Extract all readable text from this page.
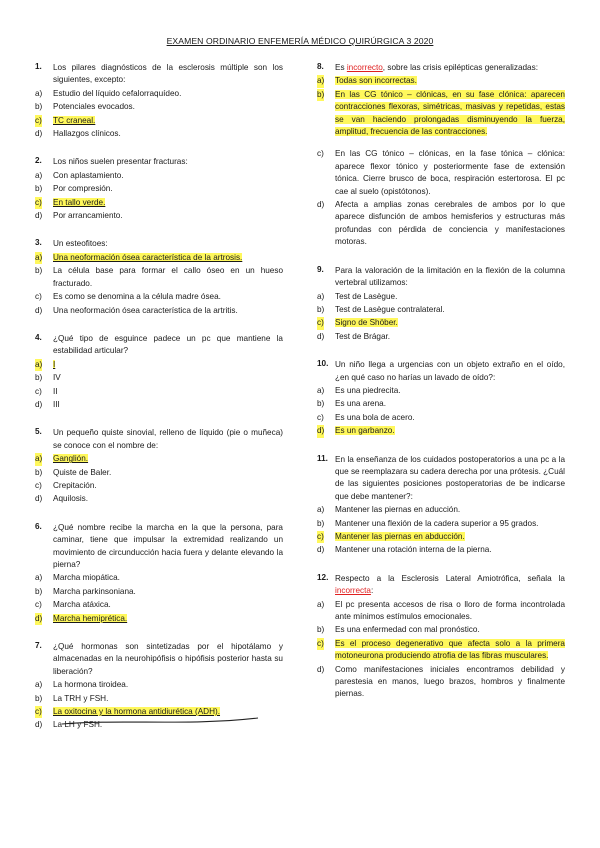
EXAMEN ORDINARIO ENFEMERÍA MÉDICO QUIRÚRGICA 3 2020
1. Los pilares diagnósticos de la esclerosis múltiple son los siguientes, excepto:
a) Estudio del líquido cefalorraquídeo.
b) Potenciales evocados.
c) TC craneal.
d) Hallazgos clínicos.
2. Los niños suelen presentar fracturas:
a) Con aplastamiento.
b) Por compresión.
c) En tallo verde.
d) Por arrancamiento.
3. Un esteofitoes:
a) Una neoformación ósea característica de la artrosis.
b) La célula base para formar el callo óseo en un hueso fracturado.
c) Es como se denomina a la célula madre ósea.
d) Una neoformación ósea característica de la artritis.
4. ¿Qué tipo de esguince padece un pc que mantiene la estabilidad articular?
a) I
b) IV
c) II
d) III
5. Un pequeño quiste sinovial, relleno de líquido (pie o muñeca) se conoce con el nombre de:
a) Ganglión.
b) Quiste de Baler.
c) Crepitación.
d) Aquilosis.
6. ¿Qué nombre recibe la marcha en la que la persona, para caminar, tiene que impulsar la extremidad realizando un movimiento de circunducción hacia fuera y delante elevando la pierna?
a) Marcha miopática.
b) Marcha parkinsoniana.
c) Marcha atáxica.
d) Marcha hemiprética.
7. ¿Qué hormonas son sintetizadas por el hipotálamo y almacenadas en la neurohipófisis o hipófisis posterior hasta su liberación?
a) La hormona tiroidea.
b) La TRH y FSH.
c) La oxitocina y la hormona antidiurética (ADH).
d) La LH y FSH.
8. Es incorrecto, sobre las crisis epilépticas generalizadas:
a) Todas son incorrectas.
b) En las CG tónico – clónicas, en su fase clónica: aparecen contracciones flexoras, simétricas, masivas y repetidas, estas se van haciendo prolongadas disminuyendo la fuerza, amplitud, frecuencia de las contracciones.
c) En las CG tónico – clónicas, en la fase tónica – clónica: aparece flexor tónico y posteriormente fase de extensión tónica. Cierre brusco de boca, respiración estertorosa. El pc cae al suelo (opistótonos).
d) Afecta a amplias zonas cerebrales de ambos por lo que aparece disfunción de ambos hemisferios y estructuras más profundas con pérdida de conciencia y manifestaciones motoras.
9. Para la valoración de la limitación en la flexión de la columna vertebral utilizamos:
a) Test de Lasègue.
b) Test de Lasègue contralateral.
c) Signo de Shöber.
d) Test de Brágar.
10. Un niño llega a urgencias con un objeto extraño en el oído, ¿en qué caso no harías un lavado de oído?:
a) Es una piedrecita.
b) Es una arena.
c) Es una bola de acero.
d) Es un garbanzo.
11. En la enseñanza de los cuidados postoperatorios a una pc a la que se reemplazara su cadera derecha por una prótesis. ¿Cuál de las siguientes posiciones postoperatorias de be indicarse que debe mantener?:
a) Mantener las piernas en aducción.
b) Mantener una flexión de la cadera superior a 95 grados.
c) Mantener las piernas en abducción.
d) Mantener una rotación interna de la pierna.
12. Respecto a la Esclerosis Lateral Amiotrófica, señala la incorrecta:
a) El pc presenta accesos de risa o lloro de forma incontrolada ante mínimos estímulos emocionales.
b) Es una enfermedad con mal pronóstico.
c) Es el proceso degenerativo que afecta solo a la primera motoneurona produciendo atrofia de las fibras musculares.
d) Como manifestaciones iniciales encontramos debilidad y parestesia en manos, luego brazos, hombros y finalmente piernas.
